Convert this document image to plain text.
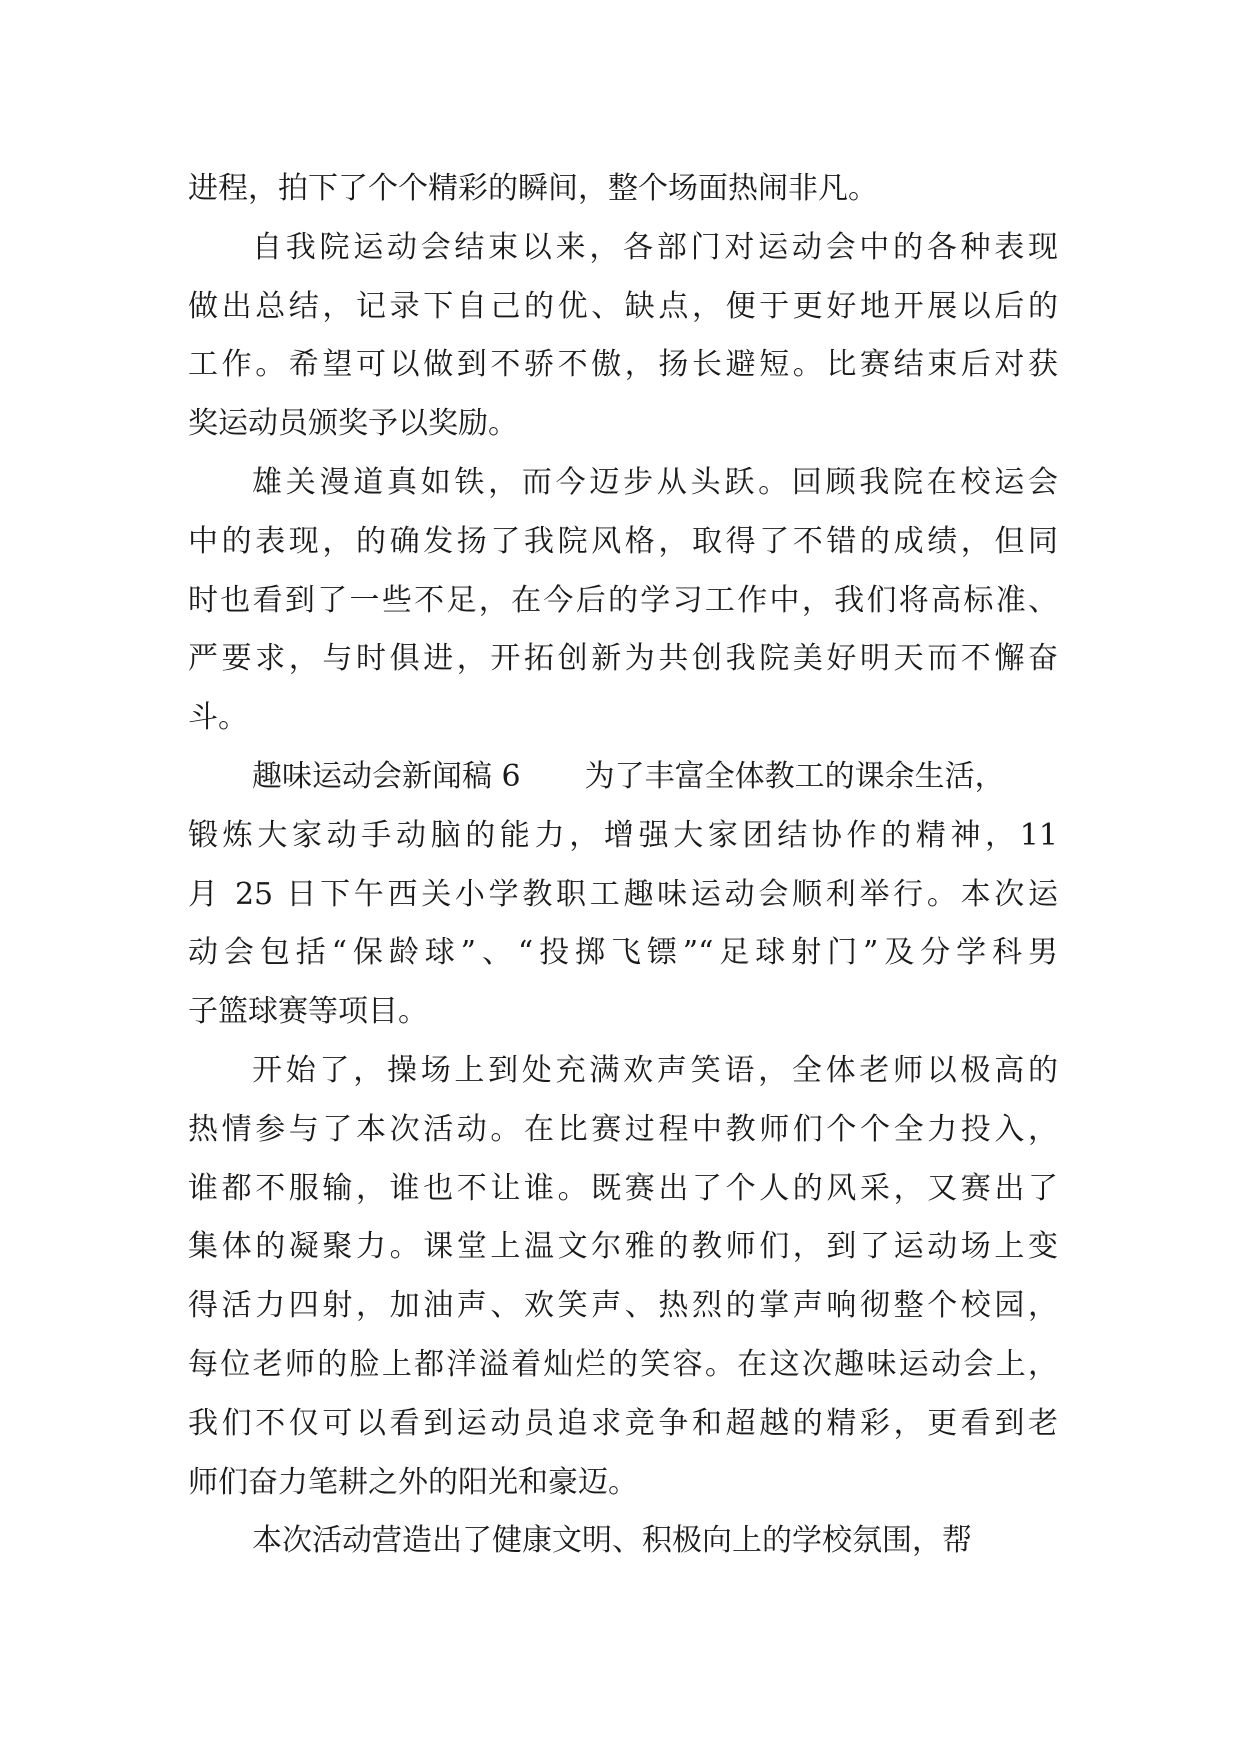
进程，拍下了个个精彩的瞬间，整个场面热闹非凡。
自我院运动会结束以来，各部门对运动会中的各种表现
做出总结，记录下自己的优、缺点，便于更好地开展以后的
工作。希望可以做到不骄不傲，扬长避短。比赛结束后对获
奖运动员颁奖予以奖励。
雄关漫道真如铁，而今迈步从头跃。回顾我院在校运会
中的表现，的确发扬了我院风格，取得了不错的成绩，但同
时也看到了一些不足，在今后的学习工作中，我们将高标准、
严要求，与时俱进，开拓创新为共创我院美好明天而不懈奋
斗。
趣味运动会新闻稿 6 为了丰富全体教工的课余生活，
锻炼大家动手动脑的能力，增强大家团结协作的精神，11
月 25 日下午西关小学教职工趣味运动会顺利举行。本次运
动会包括“保龄球”、“投掷飞镖”“足球射门”及分学科男
子篮球赛等项目。
开始了，操场上到处充满欢声笑语，全体老师以极高的
热情参与了本次活动。在比赛过程中教师们个个全力投入，
谁都不服输，谁也不让谁。既赛出了个人的风采，又赛出了
集体的凝聚力。课堂上温文尔雅的教师们，到了运动场上变
得活力四射，加油声、欢笑声、热烈的掌声响彻整个校园，
每位老师的脸上都洋溢着灿烂的笑容。在这次趣味运动会上，
我们不仅可以看到运动员追求竞争和超越的精彩，更看到老
师们奋力笔耕之外的阳光和豪迈。
本次活动营造出了健康文明、积极向上的学校氛围，帮
